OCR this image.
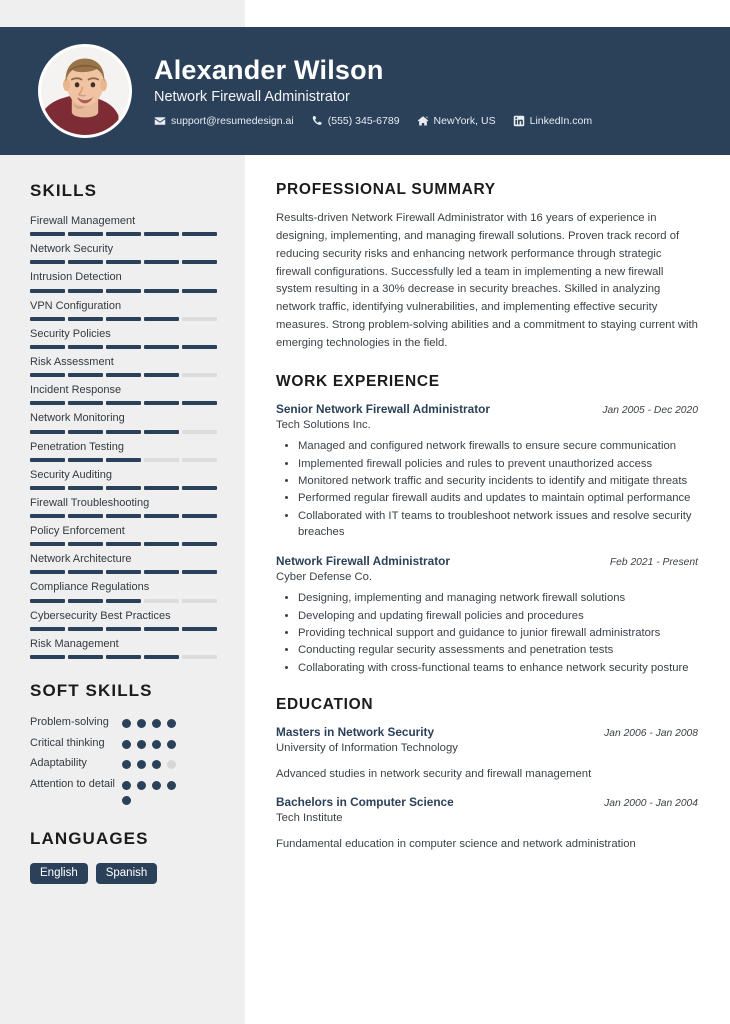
Alexander Wilson
Network Firewall Administrator
support@resumedesign.ai	(555) 345-6789	NewYork, US	LinkedIn.com
SKILLS
Firewall Management
Network Security
Intrusion Detection
VPN Configuration
Security Policies
Risk Assessment
Incident Response
Network Monitoring
Penetration Testing
Security Auditing
Firewall Troubleshooting
Policy Enforcement
Network Architecture
Compliance Regulations
Cybersecurity Best Practices
Risk Management
SOFT SKILLS
Problem-solving
Critical thinking
Adaptability
Attention to detail
LANGUAGES
English	Spanish
PROFESSIONAL SUMMARY
Results-driven Network Firewall Administrator with 16 years of experience in designing, implementing, and managing firewall solutions. Proven track record of reducing security risks and enhancing network performance through strategic firewall configurations. Successfully led a team in implementing a new firewall system resulting in a 30% decrease in security breaches. Skilled in analyzing network traffic, identifying vulnerabilities, and implementing effective security measures. Strong problem-solving abilities and a commitment to staying current with emerging technologies in the field.
WORK EXPERIENCE
Senior Network Firewall Administrator	Jan 2005 - Dec 2020
Tech Solutions Inc.
• Managed and configured network firewalls to ensure secure communication
• Implemented firewall policies and rules to prevent unauthorized access
• Monitored network traffic and security incidents to identify and mitigate threats
• Performed regular firewall audits and updates to maintain optimal performance
• Collaborated with IT teams to troubleshoot network issues and resolve security breaches
Network Firewall Administrator	Feb 2021 - Present
Cyber Defense Co.
• Designing, implementing and managing network firewall solutions
• Developing and updating firewall policies and procedures
• Providing technical support and guidance to junior firewall administrators
• Conducting regular security assessments and penetration tests
• Collaborating with cross-functional teams to enhance network security posture
EDUCATION
Masters in Network Security	Jan 2006 - Jan 2008
University of Information Technology
Advanced studies in network security and firewall management
Bachelors in Computer Science	Jan 2000 - Jan 2004
Tech Institute
Fundamental education in computer science and network administration
